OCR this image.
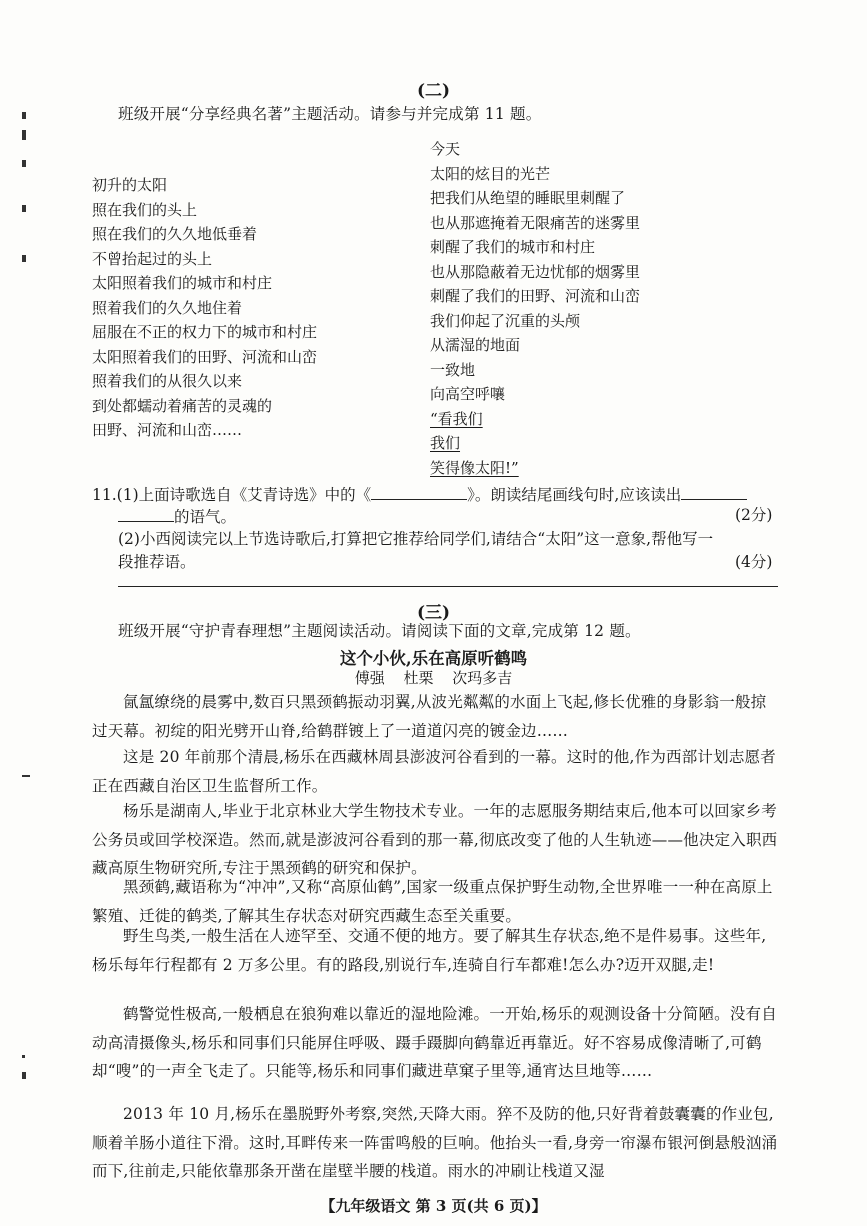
(二)
班级开展“分享经典名著”主题活动。请参与并完成第 11 题。
初升的太阳
照在我们的头上
照在我们的久久地低垂着
不曾抬起过的头上
太阳照着我们的城市和村庄
照着我们的久久地住着
屈服在不正的权力下的城市和村庄
太阳照着我们的田野、河流和山峦
照着我们的从很久以来
到处都蠕动着痛苦的灵魂的
田野、河流和山峦……
今天
太阳的炫目的光芒
把我们从绝望的睡眠里刺醒了
也从那遮掩着无限痛苦的迷雾里
刺醒了我们的城市和村庄
也从那隐蔽着无边忧郁的烟雾里
刺醒了我们的田野、河流和山峦
我们仰起了沉重的头颅
从濡湿的地面
一致地
向高空呼嚷
“看我们
我们
笑得像太阳!”
11.(1)上面诗歌选自《艾青诗选》中的《	》。朗读结尾画线句时,应该读出
的语气。	(2分)
(2)小西阅读完以上节选诗歌后,打算把它推荐给同学们,请结合“太阳”这一意象,帮他写一
段推荐语。	(4分)
(三)
班级开展“守护青春理想”主题阅读活动。请阅读下面的文章,完成第 12 题。
这个小伙,乐在高原听鹤鸣
傅强 杜栗 次玛多吉
氤氲缭绕的晨雾中,数百只黑颈鹤振动羽翼,从波光粼粼的水面上飞起,修长优雅的身影翁一般掠过天幕。初绽的阳光劈开山脊,给鹤群镀上了一道道闪亮的镀金边……
这是 20 年前那个清晨,杨乐在西藏林周县澎波河谷看到的一幕。这时的他,作为西部计划志愿者正在西藏自治区卫生监督所工作。
杨乐是湖南人,毕业于北京林业大学生物技术专业。一年的志愿服务期结束后,他本可以回家乡考公务员或回学校深造。然而,就是澎波河谷看到的那一幕,彻底改变了他的人生轨迹——他决定入职西藏高原生物研究所,专注于黑颈鹤的研究和保护。
黑颈鹤,藏语称为“冲冲”,又称“高原仙鹤”,国家一级重点保护野生动物,全世界唯一一种在高原上繁殖、迁徙的鹤类,了解其生存状态对研究西藏生态至关重要。
野生鸟类,一般生活在人迹罕至、交通不便的地方。要了解其生存状态,绝不是件易事。这些年,杨乐每年行程都有 2 万多公里。有的路段,别说行车,连骑自行车都难!怎么办?迈开双腿,走!
鹤警觉性极高,一般栖息在狼狗难以靠近的湿地险滩。一开始,杨乐的观测设备十分简陋。没有自动高清摄像头,杨乐和同事们只能屏住呼吸、蹑手蹑脚向鹤靠近再靠近。好不容易成像清晰了,可鹤却“嗖”的一声全飞走了。只能等,杨乐和同事们藏进草窠子里等,通宵达旦地等……
2013 年 10 月,杨乐在墨脱野外考察,突然,天降大雨。猝不及防的他,只好背着鼓囊囊的作业包,顺着羊肠小道往下滑。这时,耳畔传来一阵雷鸣般的巨响。他抬头一看,身旁一帘瀑布银河倒悬般汹涌而下,往前走,只能依靠那条开凿在崖壁半腰的栈道。雨水的冲刷让栈道又湿
【九年级语文 第 3 页(共 6 页)】
